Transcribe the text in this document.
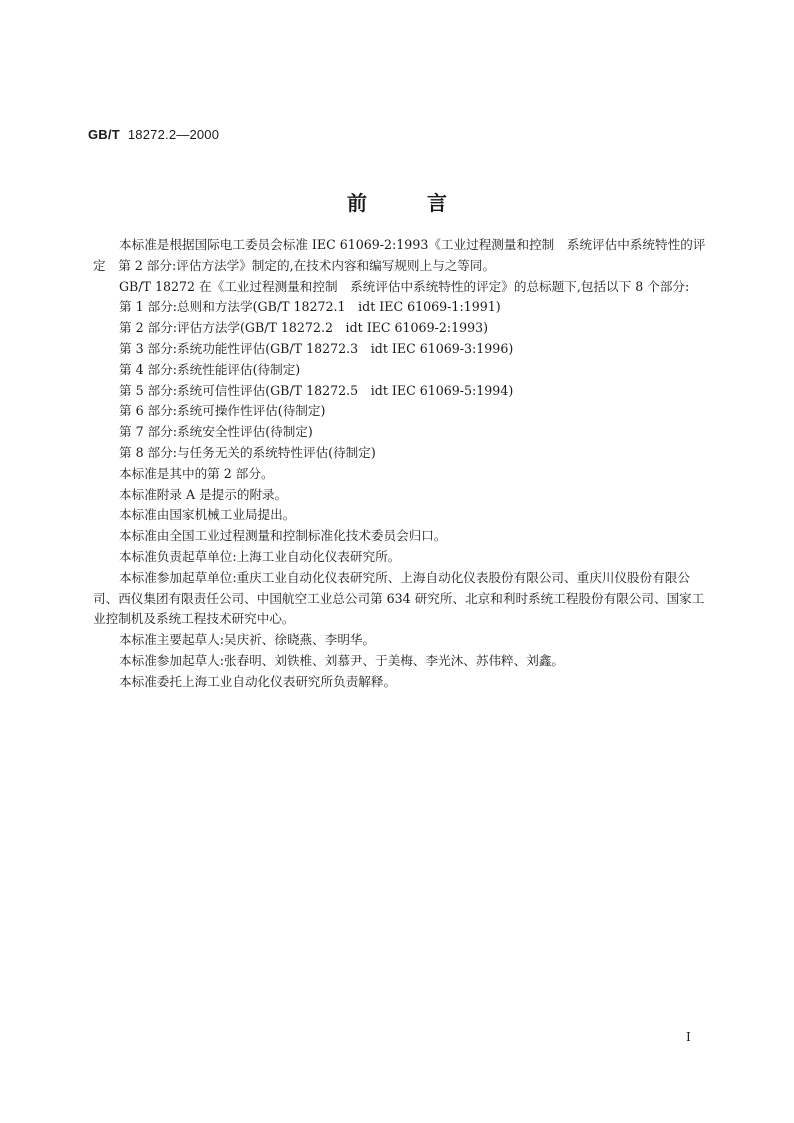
GB/T 18272.2—2000
前言

本标准是根据国际电工委员会标准 IEC 61069-2:1993《工业过程测量和控制　系统评估中系统特性的评定　第 2 部分:评估方法学》制定的,在技术内容和编写规则上与之等同。

GB/T 18272 在《工业过程测量和控制　系统评估中系统特性的评定》的总标题下,包括以下 8 个部分:

第 1 部分:总则和方法学(GB/T 18272.1　idt IEC 61069-1:1991)

第 2 部分:评估方法学(GB/T 18272.2　idt IEC 61069-2:1993)

第 3 部分:系统功能性评估(GB/T 18272.3　idt IEC 61069-3:1996)

第 4 部分:系统性能评估(待制定)

第 5 部分:系统可信性评估(GB/T 18272.5　idt IEC 61069-5:1994)

第 6 部分:系统可操作性评估(待制定)

第 7 部分:系统安全性评估(待制定)

第 8 部分:与任务无关的系统特性评估(待制定)

本标准是其中的第 2 部分。

本标准附录 A 是提示的附录。

本标准由国家机械工业局提出。

本标准由全国工业过程测量和控制标准化技术委员会归口。

本标准负责起草单位:上海工业自动化仪表研究所。

本标准参加起草单位:重庆工业自动化仪表研究所、上海自动化仪表股份有限公司、重庆川仪股份有限公司、西仪集团有限责任公司、中国航空工业总公司第 634 研究所、北京和利时系统工程股份有限公司、国家工业控制机及系统工程技术研究中心。

本标准主要起草人:吴庆祈、徐晓燕、李明华。

本标准参加起草人:张春明、刘铁椎、刘慕尹、于美梅、李光沐、苏伟粹、刘鑫。

本标准委托上海工业自动化仪表研究所负责解释。

I
